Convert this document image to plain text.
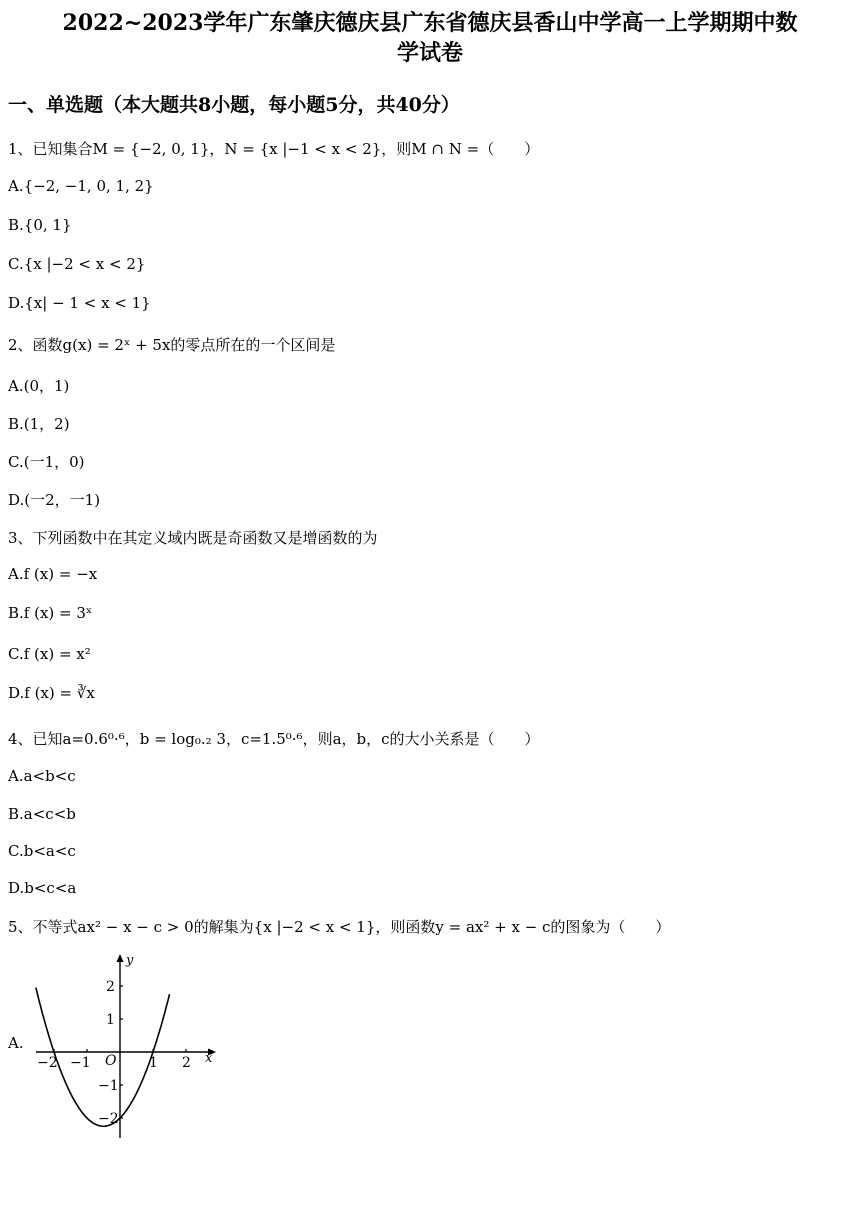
2022~2023学年广东肇庆德庆县广东省德庆县香山中学高一上学期期中数
学试卷
一、单选题（本大题共8小题，每小题5分，共40分）
1、已知集合M = {−2, 0, 1}，N = {x |−1 < x < 2}，则M ∩ N =（　　）
A.{−2, −1, 0, 1, 2}
B.{0, 1}
C.{x |−2 < x < 2}
D.{x| − 1 < x < 1}
2、函数g(x) = 2ˣ + 5x的零点所在的一个区间是
A.(0，1)
B.(1，2)
C.(一1，0)
D.(一2，一1)
3、下列函数中在其定义域内既是奇函数又是增函数的为
A.f (x) = −x
B.f (x) = 3ˣ
C.f (x) = x²
D.f (x) = ∛x
4、已知a=0.6⁰·⁶，b = log₀.₂ 3，c=1.5⁰·⁶，则a，b，c的大小关系是（　　）
A.a<b<c
B.a<c<b
C.b<a<c
D.b<c<a
5、不等式ax² − x − c > 0的解集为{x |−2 < x < 1}，则函数y = ax² + x − c的图象为（　　）
A.
y
x
O
−2 −1	1 2
2
1
−1
−2
